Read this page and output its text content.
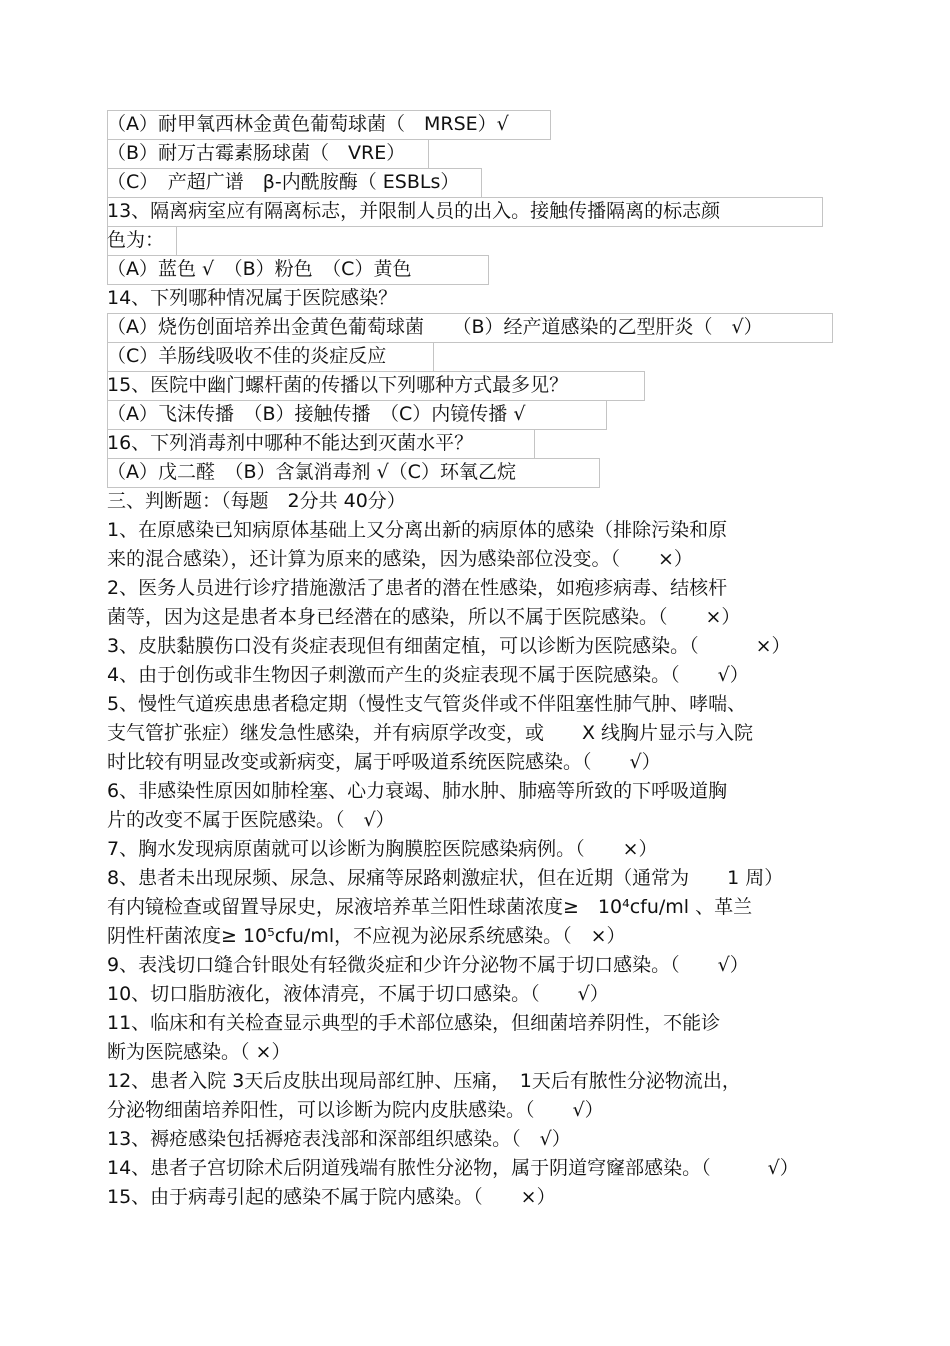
（A）耐甲氧西林金黄色葡萄球菌（　MRSE）√
（B）耐万古霉素肠球菌（　VRE）
（C）　产超广谱　β-内酰胺酶（ ESBLs）
13、隔离病室应有隔离标志，并限制人员的出入。接触传播隔离的标志颜
色为：
（A）蓝色 √　（B）粉色　（C）黄色
14、下列哪种情况属于医院感染？
（A）烧伤创面培养出金黄色葡萄球菌　　（B）经产道感染的乙型肝炎（　√）
（C）羊肠线吸收不佳的炎症反应
15、医院中幽门螺杆菌的传播以下列哪种方式最多见？
（A）飞沫传播　（B）接触传播　（C）内镜传播 √
16、下列消毒剂中哪种不能达到灭菌水平？
（A）戊二醛　（B）含氯消毒剂 √（C）环氧乙烷
三、判断题：（每题　2分共 40分）
1、在原感染已知病原体基础上又分离出新的病原体的感染（排除污染和原
来的混合感染），还计算为原来的感染，因为感染部位没变。（　　×）
2、医务人员进行诊疗措施激活了患者的潜在性感染，如疱疹病毒、结核杆
菌等，因为这是患者本身已经潜在的感染，所以不属于医院感染。（　　×）
3、皮肤黏膜伤口没有炎症表现但有细菌定植，可以诊断为医院感染。（　　　×）
4、由于创伤或非生物因子刺激而产生的炎症表现不属于医院感染。（　　√）
5、慢性气道疾患患者稳定期（慢性支气管炎伴或不伴阻塞性肺气肿、哮喘、
支气管扩张症）继发急性感染，并有病原学改变，或　　X 线胸片显示与入院
时比较有明显改变或新病变，属于呼吸道系统医院感染。（　　√）
6、非感染性原因如肺栓塞、心力衰竭、肺水肿、肺癌等所致的下呼吸道胸
片的改变不属于医院感染。（　√）
7、胸水发现病原菌就可以诊断为胸膜腔医院感染病例。（　　×）
8、患者未出现尿频、尿急、尿痛等尿路刺激症状，但在近期（通常为　　1 周）
有内镜检查或留置导尿史，尿液培养革兰阳性球菌浓度≥　10⁴cfu/ml 、革兰
阴性杆菌浓度≥ 10⁵cfu/ml，不应视为泌尿系统感染。（　×）
9、表浅切口缝合针眼处有轻微炎症和少许分泌物不属于切口感染。（　　√）
10、切口脂肪液化，液体清亮，不属于切口感染。（　　√）
11、临床和有关检查显示典型的手术部位感染，但细菌培养阴性，不能诊
断为医院感染。（ ×）
12、患者入院 3天后皮肤出现局部红肿、压痛，　1天后有脓性分泌物流出，
分泌物细菌培养阳性，可以诊断为院内皮肤感染。（　　√）
13、褥疮感染包括褥疮表浅部和深部组织感染。（　√）
14、患者子宫切除术后阴道残端有脓性分泌物，属于阴道穹窿部感染。（　　　√）
15、由于病毒引起的感染不属于院内感染。（　　×）
